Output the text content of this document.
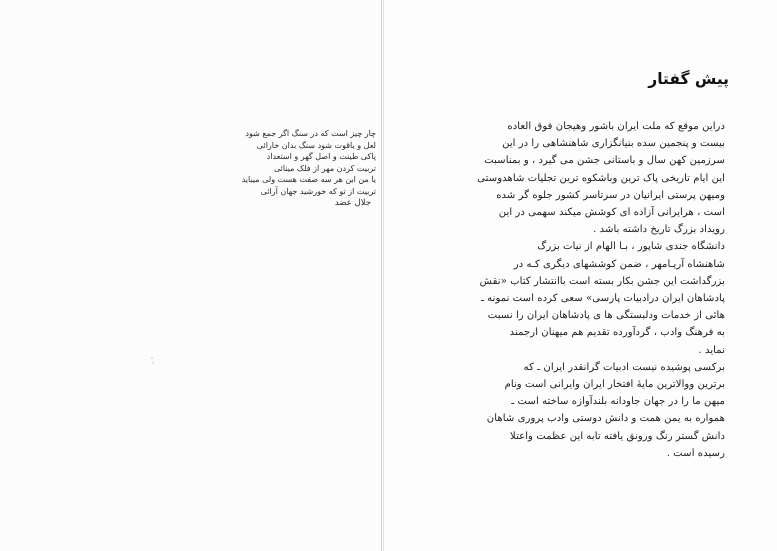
چار چیز است که در سنگ اگر جمع شود
لعل و یاقوت شود سنگ بدان خارائی
پاکی طینت و اصل گهر و استعداد
تربیت کردن مهر از فلک مینائی
یا من این هر سه صفت هست ولی میباید
تربیت از تو که خورشید جهان آرائی
جلال عضد
پیش گفتار
دراین موقع که ملت ایران باشور وهیجان فوق العاده
بیست و پنجمین سده بنیانگزاری شاهنشاهی را در این
سرزمین کهن سال و باستانی جشن می گیرد ، و بمناسبت
این ایام تاریخی پاک ترین وباشکوه ترین تجلیات شاهدوستی
ومیهن پرستی ایرانیان در سرتاسر کشور جلوه گر شده
است ، هرایرانی آزاده ای کوشش میکند سهمی در این
رویداد بزرگ تاریخ داشته باشد .
دانشگاه جندی شاپور ، بـا الهام از نیات بزرگ
شاهنشاه آریـامهر ، ضمن کوششهای دیگری کـه در
بزرگداشت این جشن بکار بسته است باانتشار کتاب «نقش
پادشاهان ایران درادبیات پارسی» سعی کرده است نمونه ـ
هائی از خدمات ودلبستگی ها ی پادشاهان ایران را نسبت
به فرهنگ وادب ، گردآورده تقدیم هم میهنان ارجمند
نماید .
برکسی پوشیده نیست ادبیات گرانقدر ایران ـ که
برترین ووالاترین مایهٔ افتخار ایران وایرانی است ونام
میهن ما را در جهان جاودانه بلندآوازه ساخته است ـ
همواره به یمن همت و دانش دوستی وادب پروری شاهان
دانش گستر رنگ ورونق یافته تابه این عظمت واعتلا
رسیده است .
